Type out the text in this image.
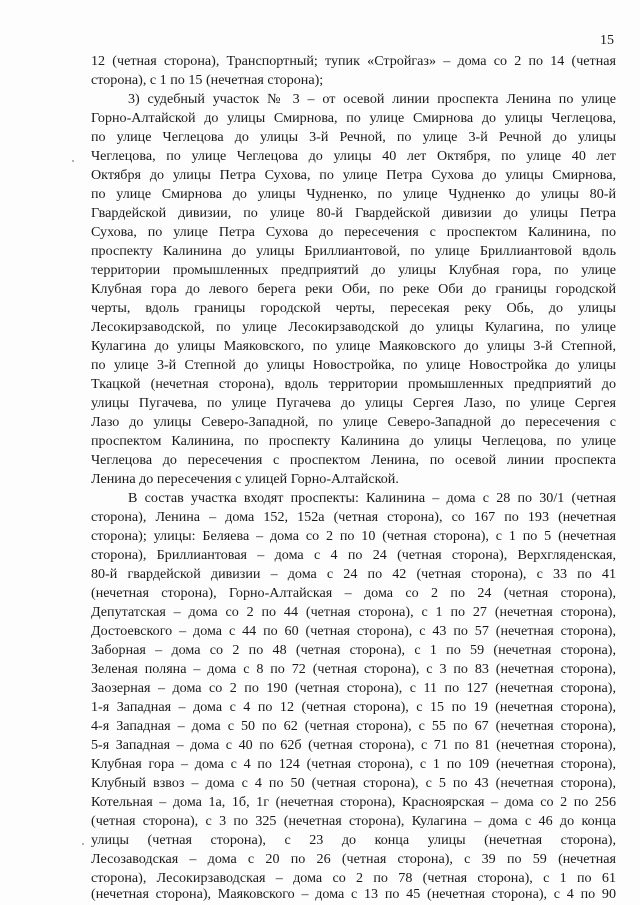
15
12 (четная сторона), Транспортный; тупик «Стройгаз» – дома со 2 по 14 (четная
сторона), с 1 по 15 (нечетная сторона);
3) судебный участок № 3 – от осевой линии проспекта Ленина по улице
Горно-Алтайской до улицы Смирнова, по улице Смирнова до улицы Чеглецова,
по улице Чеглецова до улицы 3-й Речной, по улице 3-й Речной до улицы
Чеглецова, по улице Чеглецова до улицы 40 лет Октября, по улице 40 лет
Октября до улицы Петра Сухова, по улице Петра Сухова до улицы Смирнова,
по улице Смирнова до улицы Чудненко, по улице Чудненко до улицы 80-й
Гвардейской дивизии, по улице 80-й Гвардейской дивизии до улицы Петра
Сухова, по улице Петра Сухова до пересечения с проспектом Калинина, по
проспекту Калинина до улицы Бриллиантовой, по улице Бриллиантовой вдоль
территории промышленных предприятий до улицы Клубная гора, по улице
Клубная гора до левого берега реки Оби, по реке Оби до границы городской
черты, вдоль границы городской черты, пересекая реку Обь, до улицы
Лесокирзаводской, по улице Лесокирзаводской до улицы Кулагина, по улице
Кулагина до улицы Маяковского, по улице Маяковского до улицы 3-й Степной,
по улице 3-й Степной до улицы Новостройка, по улице Новостройка до улицы
Ткацкой (нечетная сторона), вдоль территории промышленных предприятий до
улицы Пугачева, по улице Пугачева до улицы Сергея Лазо, по улице Сергея
Лазо до улицы Северо-Западной, по улице Северо-Западной до пересечения с
проспектом Калинина, по проспекту Калинина до улицы Чеглецова, по улице
Чеглецова до пересечения с проспектом Ленина, по осевой линии проспекта
Ленина до пересечения с улицей Горно-Алтайской.
В состав участка входят проспекты: Калинина – дома с 28 по 30/1 (четная
сторона), Ленина – дома 152, 152а (четная сторона), со 167 по 193 (нечетная
сторона); улицы: Беляева – дома со 2 по 10 (четная сторона), с 1 по 5 (нечетная
сторона), Бриллиантовая – дома с 4 по 24 (четная сторона), Верхгляденская,
80-й гвардейской дивизии – дома с 24 по 42 (четная сторона), с 33 по 41
(нечетная сторона), Горно-Алтайская – дома со 2 по 24 (четная сторона),
Депутатская – дома со 2 по 44 (четная сторона), с 1 по 27 (нечетная сторона),
Достоевского – дома с 44 по 60 (четная сторона), с 43 по 57 (нечетная сторона),
Заборная – дома со 2 по 48 (четная сторона), с 1 по 59 (нечетная сторона),
Зеленая поляна – дома с 8 по 72 (четная сторона), с 3 по 83 (нечетная сторона),
Заозерная – дома со 2 по 190 (четная сторона), с 11 по 127 (нечетная сторона),
1-я Западная – дома с 4 по 12 (четная сторона), с 15 по 19 (нечетная сторона),
4-я Западная – дома с 50 по 62 (четная сторона), с 55 по 67 (нечетная сторона),
5-я Западная – дома с 40 по 62б (четная сторона), с 71 по 81 (нечетная сторона),
Клубная гора – дома с 4 по 124 (четная сторона), с 1 по 109 (нечетная сторона),
Клубный взвоз – дома с 4 по 50 (четная сторона), с 5 по 43 (нечетная сторона),
Котельная – дома 1а, 1б, 1г (нечетная сторона), Красноярская – дома со 2 по 256
(четная сторона), с 3 по 325 (нечетная сторона), Кулагина – дома с 46 до конца
улицы (четная сторона), с 23 до конца улицы (нечетная сторона),
Лесозаводская – дома с 20 по 26 (четная сторона), с 39 по 59 (нечетная
сторона), Лесокирзаводская – дома со 2 по 78 (четная сторона), с 1 по 61
(нечетная сторона), Маяковского – дома с 13 по 45 (нечетная сторона), с 4 по 90
